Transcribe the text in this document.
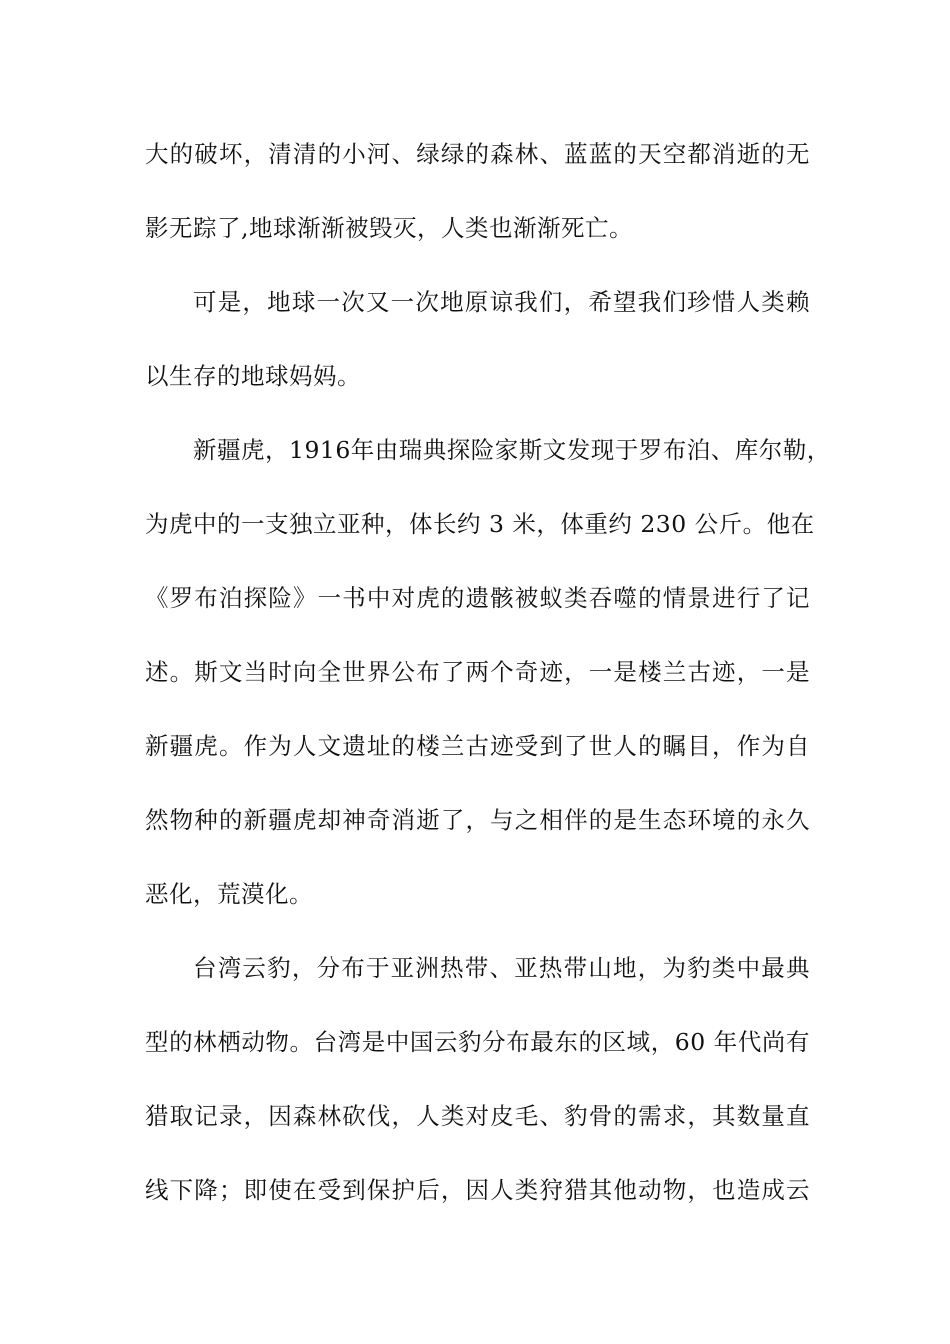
大的破坏，清清的小河、绿绿的森林、蓝蓝的天空都消逝的无
影无踪了,地球渐渐被毁灭，人类也渐渐死亡。
可是，地球一次又一次地原谅我们，希望我们珍惜人类赖
以生存的地球妈妈。
新疆虎，1916年由瑞典探险家斯文发现于罗布泊、库尔勒，
为虎中的一支独立亚种，体长约 3 米，体重约 230 公斤。他在
《罗布泊探险》一书中对虎的遗骸被蚁类吞噬的情景进行了记
述。斯文当时向全世界公布了两个奇迹，一是楼兰古迹，一是
新疆虎。作为人文遗址的楼兰古迹受到了世人的瞩目，作为自
然物种的新疆虎却神奇消逝了，与之相伴的是生态环境的永久
恶化，荒漠化。
台湾云豹，分布于亚洲热带、亚热带山地，为豹类中最典
型的林栖动物。台湾是中国云豹分布最东的区域，60 年代尚有
猎取记录，因森林砍伐，人类对皮毛、豹骨的需求，其数量直
线下降；即使在受到保护后，因人类狩猎其他动物，也造成云
